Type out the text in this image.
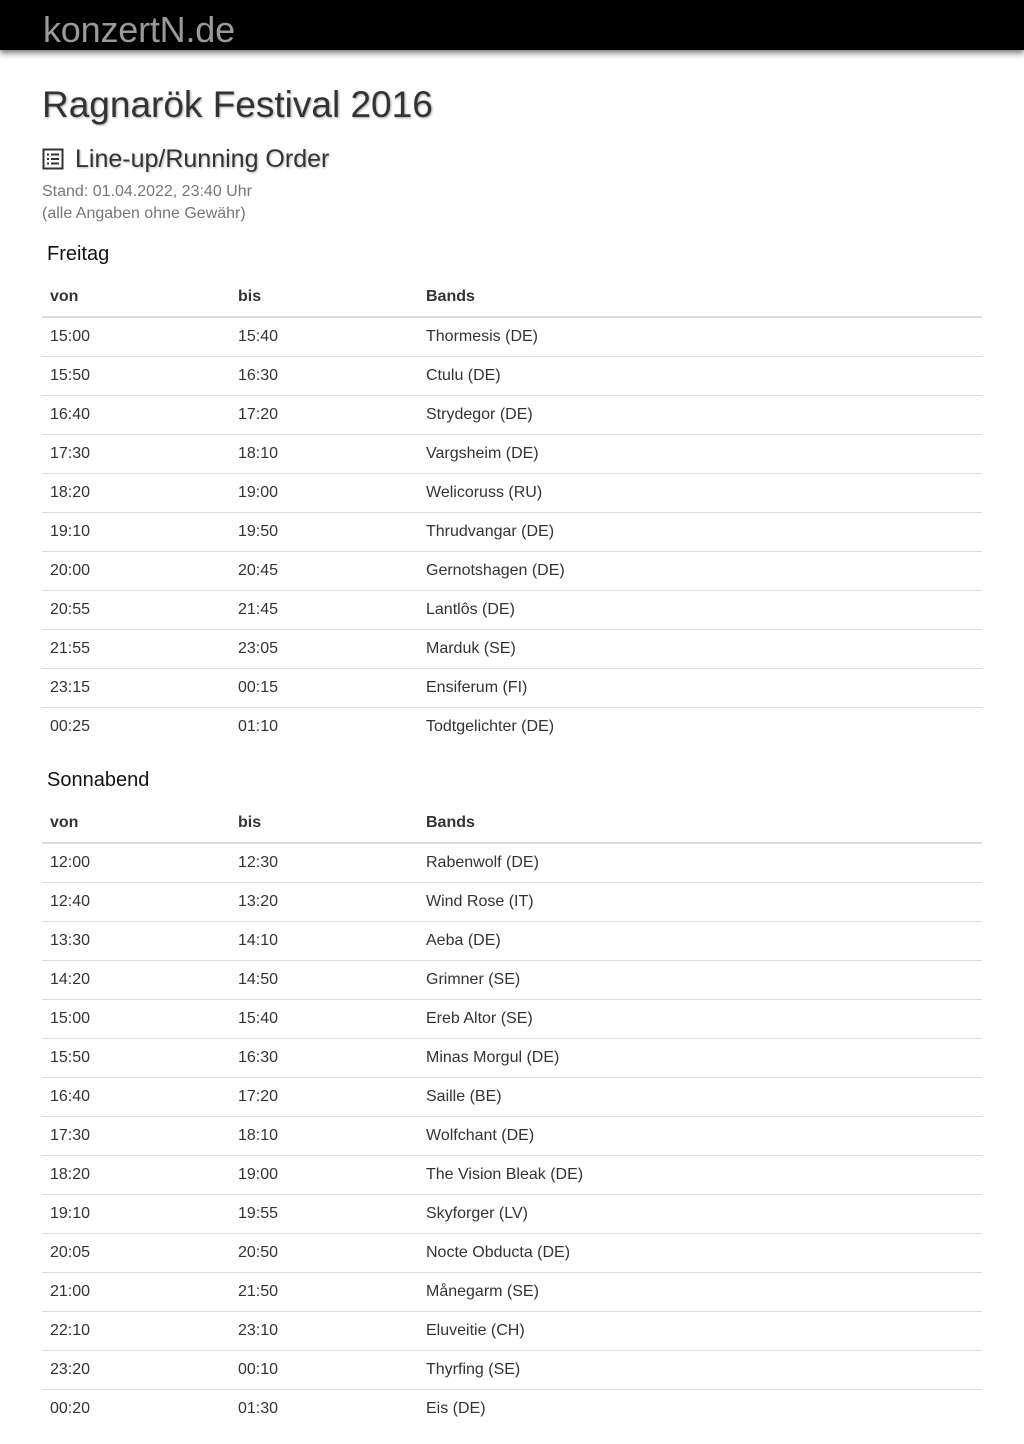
konzertN.de
Ragnarök Festival 2016
Line-up/Running Order
Stand: 01.04.2022, 23:40 Uhr
(alle Angaben ohne Gewähr)
Freitag
von	bis	Bands
15:00	15:40	Thormesis (DE)
15:50	16:30	Ctulu (DE)
16:40	17:20	Strydegor (DE)
17:30	18:10	Vargsheim (DE)
18:20	19:00	Welicoruss (RU)
19:10	19:50	Thrudvangar (DE)
20:00	20:45	Gernotshagen (DE)
20:55	21:45	Lantlôs (DE)
21:55	23:05	Marduk (SE)
23:15	00:15	Ensiferum (FI)
00:25	01:10	Todtgelichter (DE)
Sonnabend
von	bis	Bands
12:00	12:30	Rabenwolf (DE)
12:40	13:20	Wind Rose (IT)
13:30	14:10	Aeba (DE)
14:20	14:50	Grimner (SE)
15:00	15:40	Ereb Altor (SE)
15:50	16:30	Minas Morgul (DE)
16:40	17:20	Saille (BE)
17:30	18:10	Wolfchant (DE)
18:20	19:00	The Vision Bleak (DE)
19:10	19:55	Skyforger (LV)
20:05	20:50	Nocte Obducta (DE)
21:00	21:50	Månegarm (SE)
22:10	23:10	Eluveitie (CH)
23:20	00:10	Thyrfing (SE)
00:20	01:30	Eis (DE)
